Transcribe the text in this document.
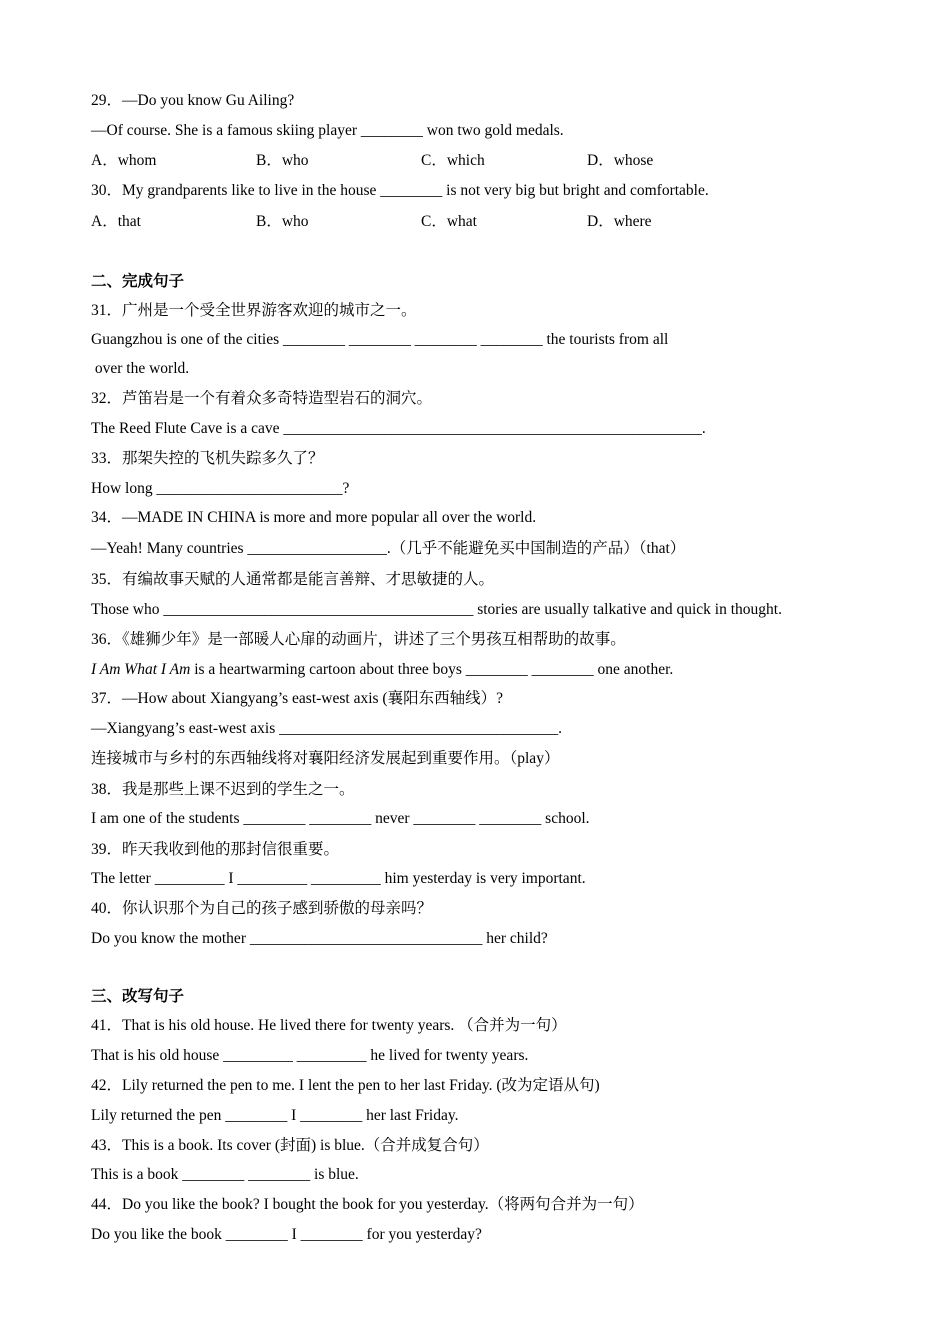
29．—Do you know Gu Ailing?
—Of course. She is a famous skiing player ________ won two gold medals.
A．whom	B．who	C．which	D．whose
30．My grandparents like to live in the house ________ is not very big but bright and comfortable.
A．that	B．who	C．what	D．where
二、完成句子
31．广州是一个受全世界游客欢迎的城市之一。
Guangzhou is one of the cities ________ ________ ________ ________ the tourists from all
over the world.
32．芦笛岩是一个有着众多奇特造型岩石的洞穴。
The Reed Flute Cave is a cave ______________________________________________________.
33．那架失控的飞机失踪多久了？
How long ________________________?
34．—MADE IN CHINA is more and more popular all over the world.
—Yeah! Many countries __________________.（几乎不能避免买中国制造的产品）（that）
35．有编故事天赋的人通常都是能言善辩、才思敏捷的人。
Those who ________________________________________ stories are usually talkative and quick in thought.
36．《雄狮少年》是一部暖人心扉的动画片，讲述了三个男孩互相帮助的故事。
I Am What I Am is a heartwarming cartoon about three boys ________ ________ one another.
37．—How about Xiangyang’s east-west axis (襄阳东西轴线）?
—Xiangyang’s east-west axis ____________________________________.
连接城市与乡村的东西轴线将对襄阳经济发展起到重要作用。（play）
38．我是那些上课不迟到的学生之一。
I am one of the students ________ ________ never ________ ________ school.
39．昨天我收到他的那封信很重要。
The letter _________ I _________ _________ him yesterday is very important.
40．你认识那个为自己的孩子感到骄傲的母亲吗？
Do you know the mother ______________________________ her child?
三、改写句子
41．That is his old house. He lived there for twenty years. （合并为一句）
That is his old house _________ _________ he lived for twenty years.
42．Lily returned the pen to me. I lent the pen to her last Friday. (改为定语从句)
Lily returned the pen ________ I ________ her last Friday.
43．This is a book. Its cover (封面) is blue.（合并成复合句）
This is a book ________ ________ is blue.
44．Do you like the book? I bought the book for you yesterday.（将两句合并为一句）
Do you like the book ________ I ________ for you yesterday?
